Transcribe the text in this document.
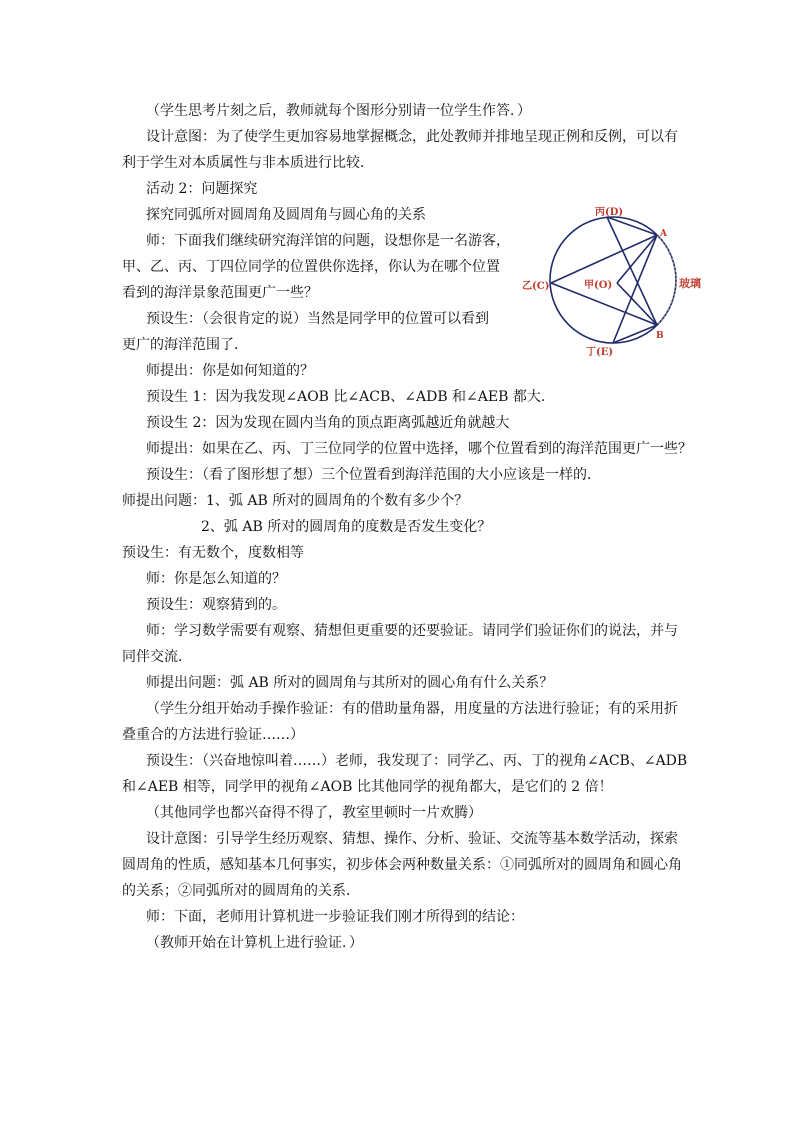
（学生思考片刻之后，教师就每个图形分别请一位学生作答．）
设计意图：为了使学生更加容易地掌握概念，此处教师并排地呈现正例和反例，可以有
利于学生对本质属性与非本质进行比较．
活动 2：问题探究
探究同弧所对圆周角及圆周角与圆心角的关系
师：下面我们继续研究海洋馆的问题，设想你是一名游客，
甲、乙、丙、丁四位同学的位置供你选择，你认为在哪个位置
看到的海洋景象范围更广一些？
预设生：（会很肯定的说）当然是同学甲的位置可以看到
更广的海洋范围了．
师提出：你是如何知道的？
预设生 1：因为我发现∠AOB 比∠ACB、∠ADB 和∠AEB 都大．
预设生 2：因为发现在圆内当角的顶点距离弧越近角就越大
师提出：如果在乙、丙、丁三位同学的位置中选择，哪个位置看到的海洋范围更广一些？
预设生：（看了图形想了想）三个位置看到海洋范围的大小应该是一样的．
师提出问题：1、弧 AB 所对的圆周角的个数有多少个？
2、弧 AB 所对的圆周角的度数是否发生变化？
预设生：有无数个，度数相等
师：你是怎么知道的？
预设生：观察猜到的。
师：学习数学需要有观察、猜想但更重要的还要验证。请同学们验证你们的说法，并与
同伴交流．
师提出问题：弧 AB 所对的圆周角与其所对的圆心角有什么关系？
（学生分组开始动手操作验证：有的借助量角器，用度量的方法进行验证；有的采用折
叠重合的方法进行验证……）
预设生：（兴奋地惊叫着……）老师，我发现了：同学乙、丙、丁的视角∠ACB、∠ADB
和∠AEB 相等，同学甲的视角∠AOB 比其他同学的视角都大，是它们的 2 倍！
（其他同学也都兴奋得不得了，教室里顿时一片欢腾）
设计意图：引导学生经历观察、猜想、操作、分析、验证、交流等基本数学活动，探索
圆周角的性质，感知基本几何事实，初步体会两种数量关系：①同弧所对的圆周角和圆心角
的关系；②同弧所对的圆周角的关系．
师：下面，老师用计算机进一步验证我们刚才所得到的结论：
（教师开始在计算机上进行验证．）
丙(D)
A
乙(C)	甲(O)	玻璃
B
丁(E)
